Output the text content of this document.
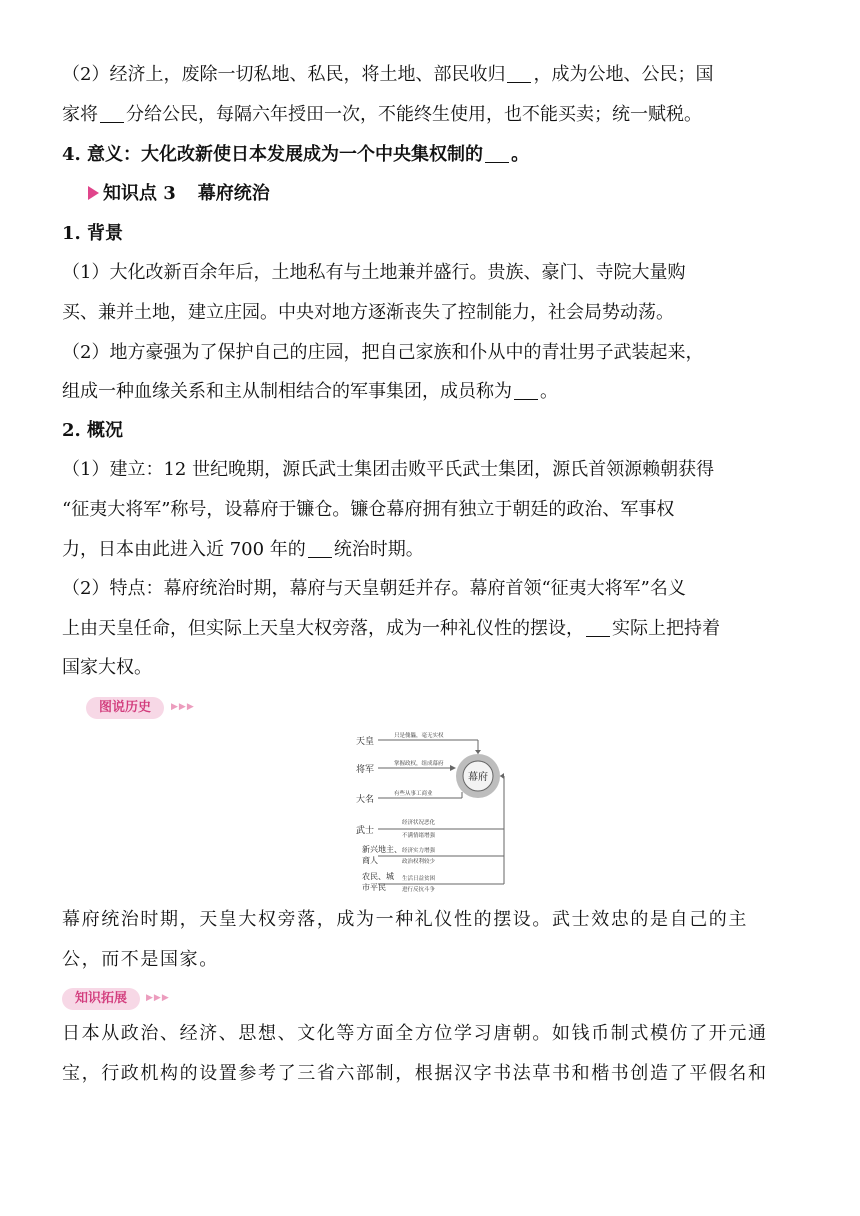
（2）经济上，废除一切私地、私民，将土地、部民收归 ，成为公地、公民；国
家将 分给公民，每隔六年授田一次，不能终生使用，也不能买卖；统一赋税。
4. 意义：大化改新使日本发展成为一个中央集权制的 。
知识点 3 幕府统治
1. 背景
（1）大化改新百余年后，土地私有与土地兼并盛行。贵族、豪门、寺院大量购
买、兼并土地，建立庄园。中央对地方逐渐丧失了控制能力，社会局势动荡。
（2）地方豪强为了保护自己的庄园，把自己家族和仆从中的青壮男子武装起来，
组成一种血缘关系和主从制相结合的军事集团，成员称为 。
2. 概况
（1）建立：12 世纪晚期，源氏武士集团击败平氏武士集团，源氏首领源赖朝获得
“征夷大将军”称号，设幕府于镰仓。镰仓幕府拥有独立于朝廷的政治、军事权
力，日本由此进入近 700 年的 统治时期。
（2）特点：幕府统治时期，幕府与天皇朝廷并存。幕府首领“征夷大将军”名义
上由天皇任命，但实际上天皇大权旁落，成为一种礼仪性的摆设， 实际上把持着
国家大权。
图说历史	▶▶▶
幕府
天皇
将军
大名
武士
新兴地主、
商人
农民、城
市平民
只是傀儡，毫无实权
掌握政权，组成幕府
有些从事工商业
经济状况恶化
不满情绪增强
经济实力增强
政治权利较少
生活日益贫困
进行反抗斗争
幕府统治时期，天皇大权旁落，成为一种礼仪性的摆设。武士效忠的是自己的主
公，而不是国家。
知识拓展	▶▶▶
日本从政治、经济、思想、文化等方面全方位学习唐朝。如钱币制式模仿了开元通
宝，行政机构的设置参考了三省六部制，根据汉字书法草书和楷书创造了平假名和
